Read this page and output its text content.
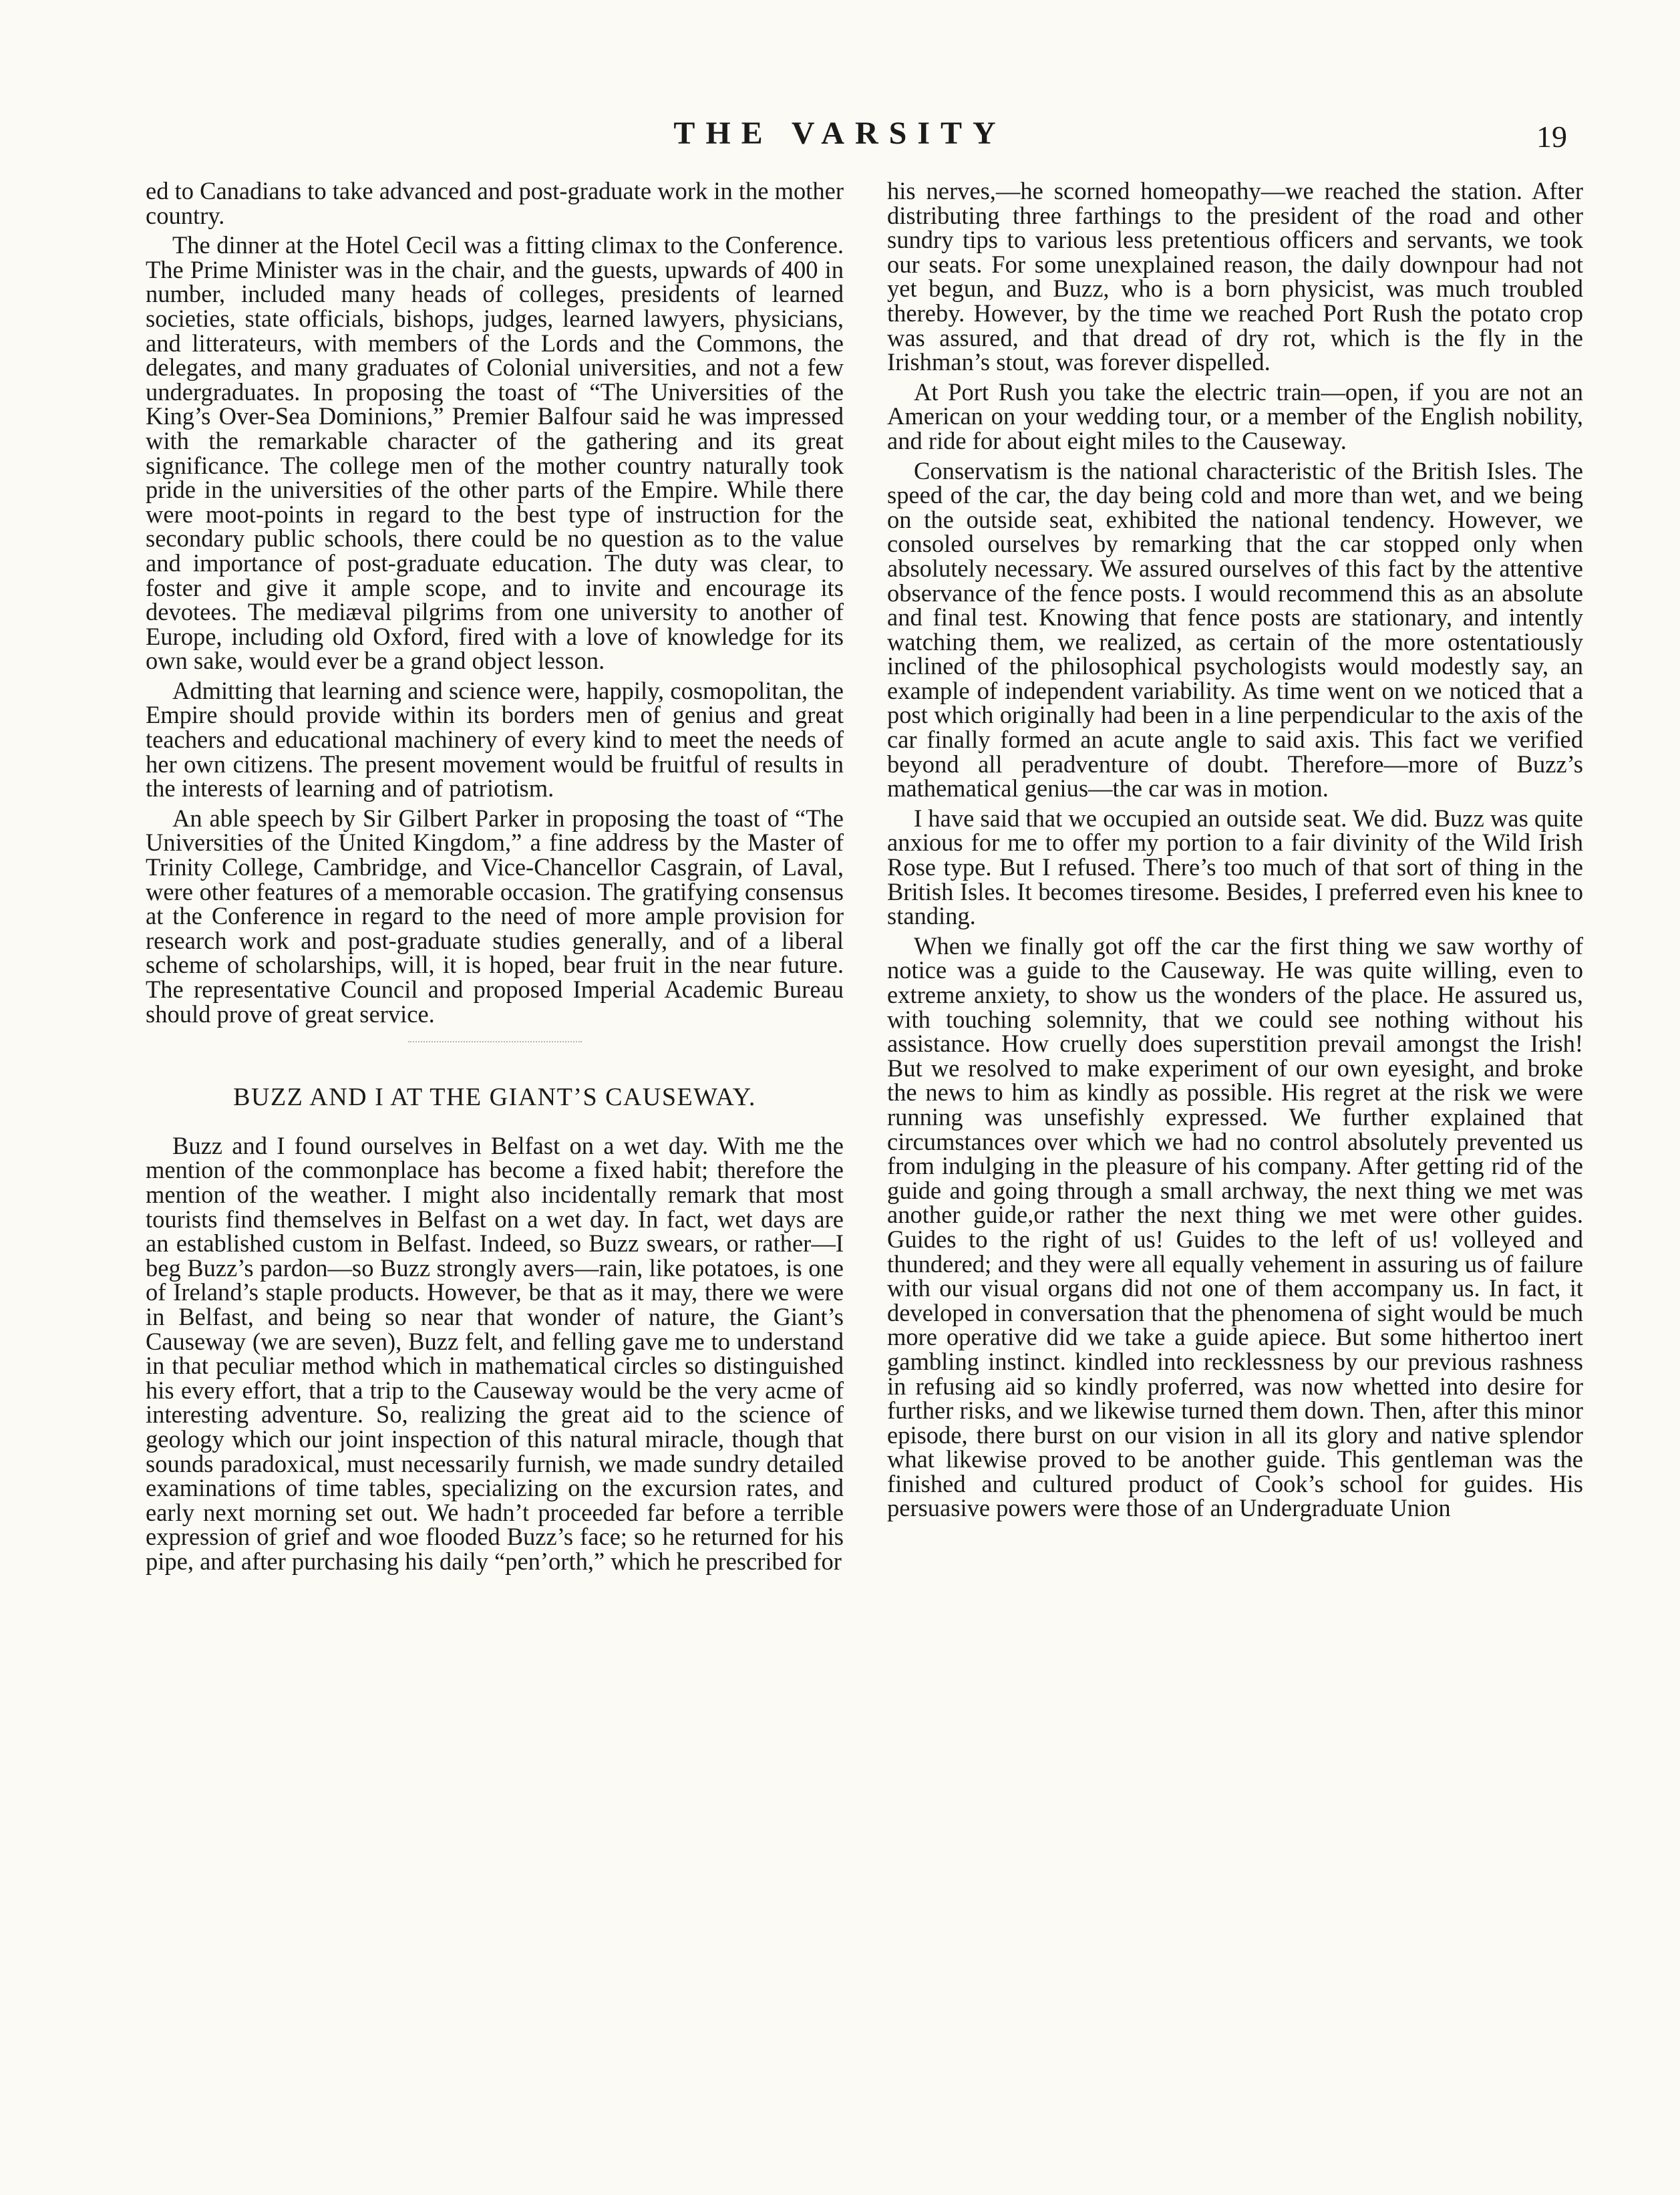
THE VARSITY	19

ed to Canadians to take advanced and post-graduate work in the mother country.

The dinner at the Hotel Cecil was a fitting climax to the Conference. The Prime Minister was in the chair, and the guests, upwards of 400 in number, included many heads of colleges, presidents of learned societies, state officials, bishops, judges, learned lawyers, physicians, and litterateurs, with members of the Lords and the Commons, the delegates, and many graduates of Colonial universities, and not a few undergraduates. In proposing the toast of “The Universities of the King’s Over-Sea Dominions,” Premier Balfour said he was impressed with the remarkable character of the gathering and its great significance. The college men of the mother country naturally took pride in the universities of the other parts of the Empire. While there were moot-points in regard to the best type of instruction for the secondary public schools, there could be no question as to the value and importance of post-graduate education. The duty was clear, to foster and give it ample scope, and to invite and encourage its devotees. The mediæval pilgrims from one university to another of Europe, including old Oxford, fired with a love of knowledge for its own sake, would ever be a grand object lesson.

Admitting that learning and science were, happily, cosmopolitan, the Empire should provide within its borders men of genius and great teachers and educational machinery of every kind to meet the needs of her own citizens. The present movement would be fruitful of results in the interests of learning and of patriotism.

An able speech by Sir Gilbert Parker in proposing the toast of “The Universities of the United Kingdom,” a fine address by the Master of Trinity College, Cambridge, and Vice-Chancellor Casgrain, of Laval, were other features of a memorable occasion. The gratifying consensus at the Conference in regard to the need of more ample provision for research work and post-graduate studies generally, and of a liberal scheme of scholarships, will, it is hoped, bear fruit in the near future. The representative Council and proposed Imperial Academic Bureau should prove of great service.

BUZZ AND I AT THE GIANT’S CAUSEWAY.

Buzz and I found ourselves in Belfast on a wet day. With me the mention of the commonplace has become a fixed habit; therefore the mention of the weather. I might also incidentally remark that most tourists find themselves in Belfast on a wet day. In fact, wet days are an established custom in Belfast. Indeed, so Buzz swears, or rather—I beg Buzz’s pardon—so Buzz strongly avers—rain, like potatoes, is one of Ireland’s staple products. However, be that as it may, there we were in Belfast, and being so near that wonder of nature, the Giant’s Causeway (we are seven), Buzz felt, and felling gave me to understand in that peculiar method which in mathematical circles so distinguished his every effort, that a trip to the Causeway would be the very acme of interesting adventure. So, realizing the great aid to the science of geology which our joint inspection of this natural miracle, though that sounds paradoxical, must necessarily furnish, we made sundry detailed examinations of time tables, specializing on the excursion rates, and early next morning set out. We hadn’t proceeded far before a terrible expression of grief and woe flooded Buzz’s face; so he returned for his pipe, and after purchasing his daily “pen’orth,” which he prescribed for

his nerves,—he scorned homeopathy—we reached the station. After distributing three farthings to the president of the road and other sundry tips to various less pretentious officers and servants, we took our seats. For some unexplained reason, the daily downpour had not yet begun, and Buzz, who is a born physicist, was much troubled thereby. However, by the time we reached Port Rush the potato crop was assured, and that dread of dry rot, which is the fly in the Irishman’s stout, was forever dispelled.

At Port Rush you take the electric train—open, if you are not an American on your wedding tour, or a member of the English nobility, and ride for about eight miles to the Causeway.

Conservatism is the national characteristic of the British Isles. The speed of the car, the day being cold and more than wet, and we being on the outside seat, exhibited the national tendency. However, we consoled ourselves by remarking that the car stopped only when absolutely necessary. We assured ourselves of this fact by the attentive observance of the fence posts. I would recommend this as an absolute and final test. Knowing that fence posts are stationary, and intently watching them, we realized, as certain of the more ostentatiously inclined of the philosophical psychologists would modestly say, an example of independent variability. As time went on we noticed that a post which originally had been in a line perpendicular to the axis of the car finally formed an acute angle to said axis. This fact we verified beyond all peradventure of doubt. Therefore—more of Buzz’s mathematical genius—the car was in motion.

I have said that we occupied an outside seat. We did. Buzz was quite anxious for me to offer my portion to a fair divinity of the Wild Irish Rose type. But I refused. There’s too much of that sort of thing in the British Isles. It becomes tiresome. Besides, I preferred even his knee to standing.

When we finally got off the car the first thing we saw worthy of notice was a guide to the Causeway. He was quite willing, even to extreme anxiety, to show us the wonders of the place. He assured us, with touching solemnity, that we could see nothing without his assistance. How cruelly does superstition prevail amongst the Irish! But we resolved to make experiment of our own eyesight, and broke the news to him as kindly as possible. His regret at the risk we were running was unsefishly expressed. We further explained that circumstances over which we had no control absolutely prevented us from indulging in the pleasure of his company. After getting rid of the guide and going through a small archway, the next thing we met was another guide,or rather the next thing we met were other guides. Guides to the right of us! Guides to the left of us! volleyed and thundered; and they were all equally vehement in assuring us of failure with our visual organs did not one of them accompany us. In fact, it developed in conversation that the phenomena of sight would be much more operative did we take a guide apiece. But some hithertoo inert gambling instinct. kindled into recklessness by our previous rashness in refusing aid so kindly proferred, was now whetted into desire for further risks, and we likewise turned them down. Then, after this minor episode, there burst on our vision in all its glory and native splendor what likewise proved to be another guide. This gentleman was the finished and cultured product of Cook’s school for guides. His persuasive powers were those of an Undergraduate Union
